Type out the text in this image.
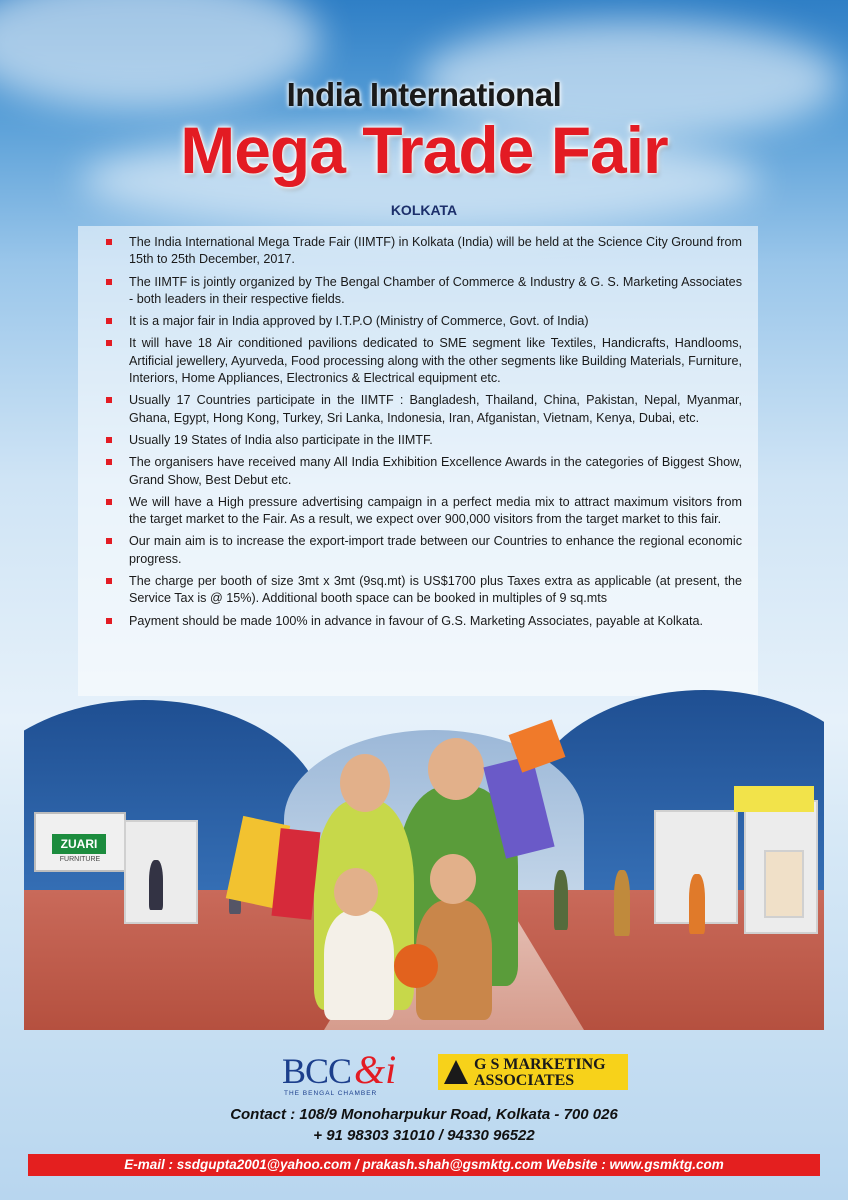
India International
Mega Trade Fair
KOLKATA
The India International Mega Trade Fair (IIMTF) in Kolkata (India) will be held at the Science City Ground from 15th to 25th December, 2017.
The IIMTF is jointly organized by The Bengal Chamber of Commerce & Industry & G. S. Marketing Associates - both leaders in their respective fields.
It is a major fair in India approved by I.T.P.O (Ministry of Commerce, Govt. of India)
It will have 18 Air conditioned pavilions dedicated to SME segment like Textiles, Handicrafts, Handlooms, Artificial jewellery, Ayurveda, Food processing along with the other segments like Building Materials, Furniture, Interiors, Home Appliances, Electronics & Electrical equipment etc.
Usually 17 Countries participate in the IIMTF : Bangladesh, Thailand, China, Pakistan, Nepal, Myanmar, Ghana, Egypt, Hong Kong, Turkey, Sri Lanka, Indonesia, Iran, Afganistan, Vietnam, Kenya, Dubai, etc.
Usually 19 States of India also participate in the IIMTF.
The organisers have received many All India Exhibition Excellence Awards in the categories of Biggest Show, Grand Show, Best Debut etc.
We will have a High pressure advertising campaign in a perfect media mix to attract maximum visitors from the target market to the Fair. As a result, we expect over 900,000 visitors from the target market to this fair.
Our main aim is to increase the export-import trade between our Countries to enhance the regional economic progress.
The charge per booth of size 3mt x 3mt (9sq.mt) is US$1700 plus Taxes extra as applicable (at present, the Service Tax is @ 15%). Additional booth space can be booked in multiples of 9 sq.mts
Payment should be made 100% in advance in favour of G.S. Marketing Associates, payable at Kolkata.
ZUARI
FURNITURE
BCC &i
THE BENGAL CHAMBER
G S MARKETING
ASSOCIATES
Contact : 108/9 Monoharpukur Road, Kolkata - 700 026
+ 91 98303 31010 / 94330 96522
E-mail : ssdgupta2001@yahoo.com / prakash.shah@gsmktg.com Website : www.gsmktg.com
